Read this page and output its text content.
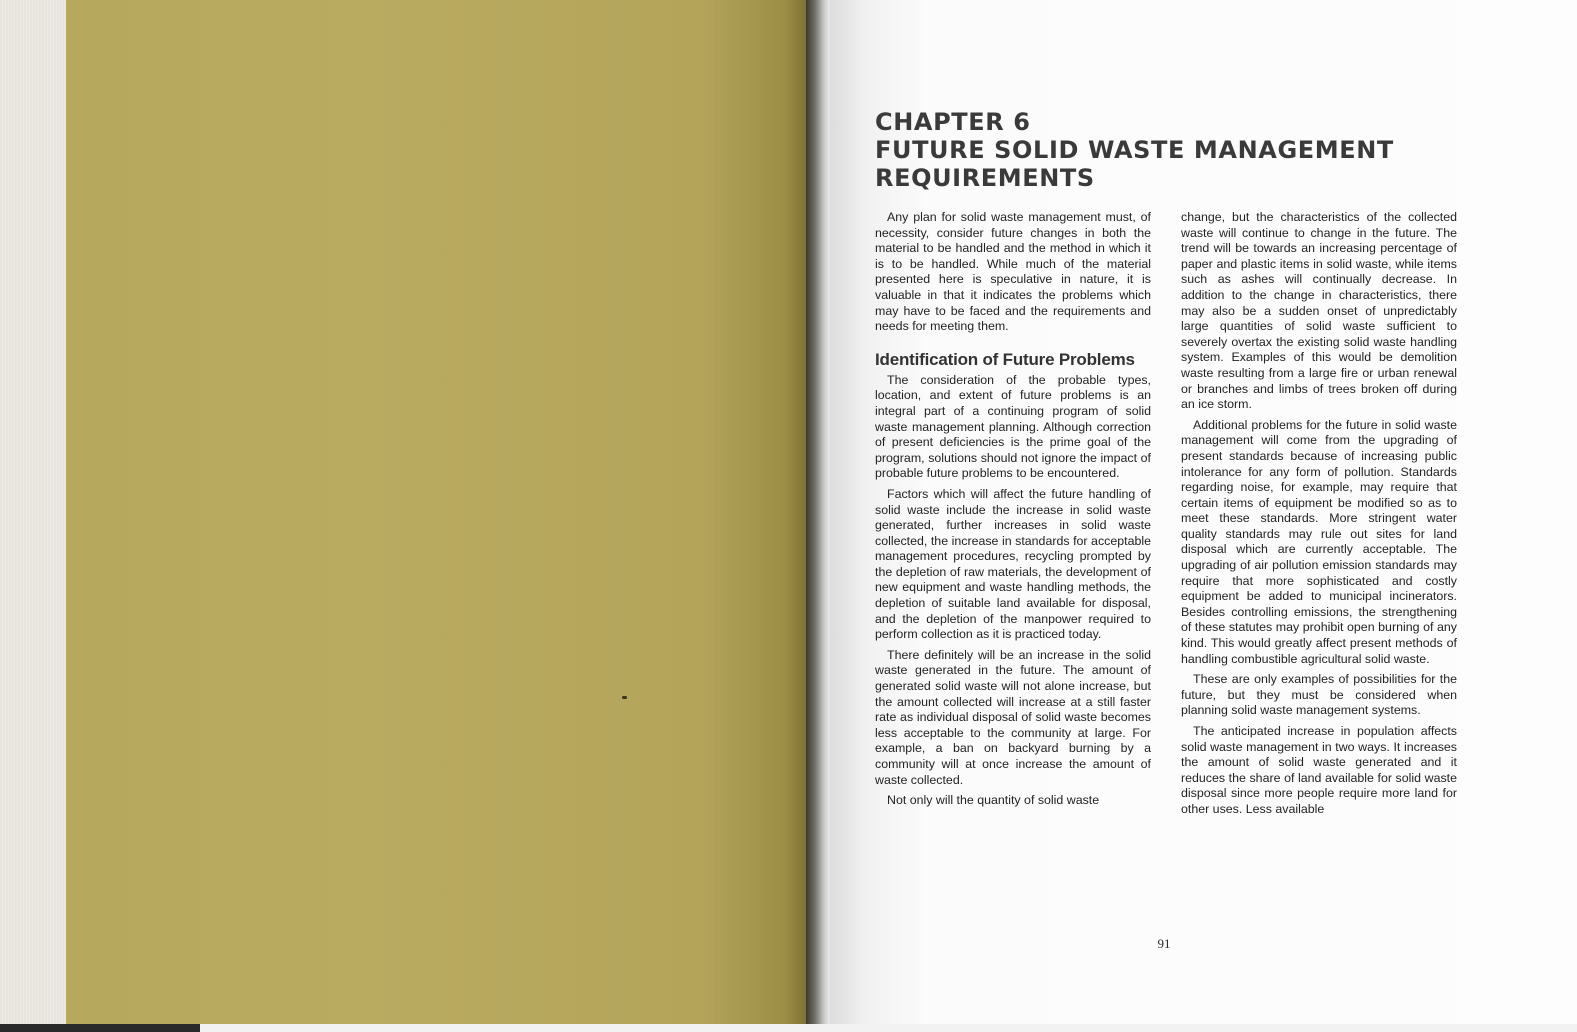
CHAPTER 6
FUTURE SOLID WASTE MANAGEMENT
REQUIREMENTS

Any plan for solid waste management must, of necessity, consider future changes in both the material to be handled and the method in which it is to be handled. While much of the material presented here is speculative in nature, it is valuable in that it indicates the problems which may have to be faced and the requirements and needs for meeting them.

Identification of Future Problems

The consideration of the probable types, location, and extent of future problems is an integral part of a continuing program of solid waste management planning. Although correction of present deficiencies is the prime goal of the program, solutions should not ignore the impact of probable future problems to be encountered.

Factors which will affect the future handling of solid waste include the increase in solid waste generated, further increases in solid waste collected, the increase in standards for acceptable management procedures, recycling prompted by the depletion of raw materials, the development of new equipment and waste handling methods, the depletion of suitable land available for disposal, and the depletion of the manpower required to perform collection as it is practiced today.

There definitely will be an increase in the solid waste generated in the future. The amount of generated solid waste will not alone increase, but the amount collected will increase at a still faster rate as individual disposal of solid waste becomes less acceptable to the community at large. For example, a ban on backyard burning by a community will at once increase the amount of waste collected.

Not only will the quantity of solid waste

change, but the characteristics of the collected waste will continue to change in the future. The trend will be towards an increasing percentage of paper and plastic items in solid waste, while items such as ashes will continually decrease. In addition to the change in characteristics, there may also be a sudden onset of unpredictably large quantities of solid waste sufficient to severely overtax the existing solid waste handling system. Examples of this would be demolition waste resulting from a large fire or urban renewal or branches and limbs of trees broken off during an ice storm.

Additional problems for the future in solid waste management will come from the upgrading of present standards because of increasing public intolerance for any form of pollution. Standards regarding noise, for example, may require that certain items of equipment be modified so as to meet these standards. More stringent water quality standards may rule out sites for land disposal which are currently acceptable. The upgrading of air pollution emission standards may require that more sophisticated and costly equipment be added to municipal incinerators. Besides controlling emissions, the strengthening of these statutes may prohibit open burning of any kind. This would greatly affect present methods of handling combustible agricultural solid waste.

These are only examples of possibilities for the future, but they must be considered when planning solid waste management systems.

The anticipated increase in population affects solid waste management in two ways. It increases the amount of solid waste generated and it reduces the share of land available for solid waste disposal since more people require more land for other uses. Less available

91
